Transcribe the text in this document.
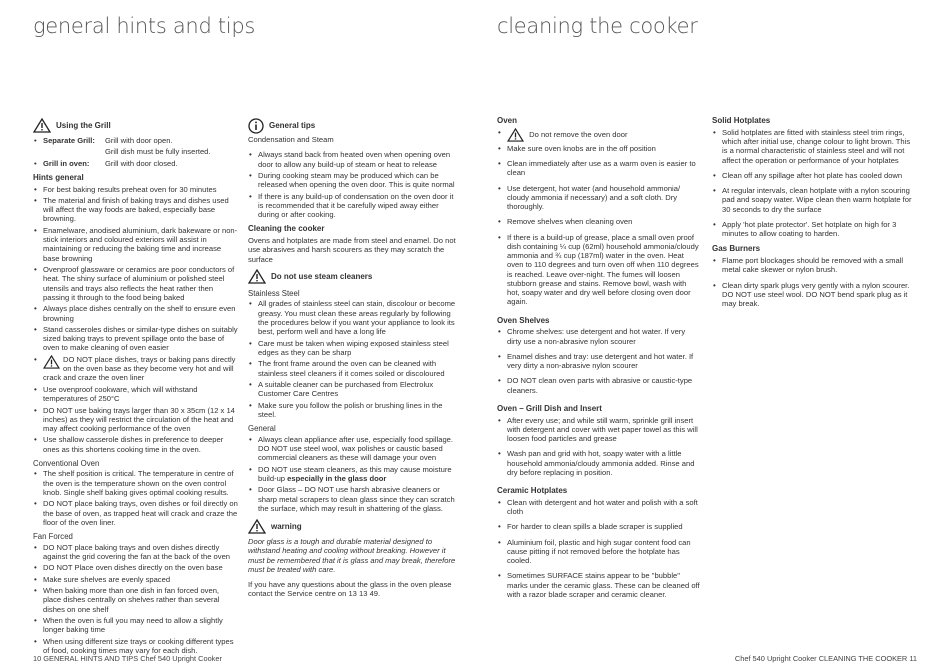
general hints and tips	cleaning the cooker
Using the Grill
• Separate Grill:	Grill with door open.
Grill dish must be fully inserted.
• Grill in oven:	Grill with door closed.
Hints general
• For best baking results preheat oven for 30 minutes
• The material and finish of baking trays and dishes used will affect the way foods are baked, especially base browning.
• Enamelware, anodised aluminium, dark bakeware or non-stick interiors and coloured exteriors will assist in maintaining or reducing the baking time and increase base browning
• Ovenproof glassware or ceramics are poor conductors of heat. The shiny surface of aluminium or polished steel utensils and trays also reflects the heat rather then passing it through to the food being baked
• Always place dishes centrally on the shelf to ensure even browning
• Stand casseroles dishes or similar-type dishes on suitably sized baking trays to prevent spillage onto the base of oven to make cleaning of oven easier
• DO NOT place dishes, trays or baking pans directly on the oven base as they become very hot and will crack and craze the oven liner
• Use ovenproof cookware, which will withstand temperatures of 250°C
• DO NOT use baking trays larger than 30 x 35cm (12 x 14 inches) as they will restrict the circulation of the heat and may affect cooking performance of the oven
• Use shallow casserole dishes in preference to deeper ones as this shortens cooking time in the oven.
Conventional Oven
• The shelf position is critical. The temperature in centre of the oven is the temperature shown on the oven control knob. Single shelf baking gives optimal cooking results.
• DO NOT place baking trays, oven dishes or foil directly on the base of oven, as trapped heat will crack and craze the floor of the oven liner.
Fan Forced
• DO NOT place baking trays and oven dishes directly against the grid covering the fan at the back of the oven
• DO NOT Place oven dishes directly on the oven base
• Make sure shelves are evenly spaced
• When baking more than one dish in fan forced oven, place dishes centrally on shelves rather than several dishes on one shelf
• When the oven is full you may need to allow a slightly longer baking time
• When using different size trays or cooking different types of food, cooking times may vary for each dish.
General tips
Condensation and Steam
• Always stand back from heated oven when opening oven door to allow any build-up of steam or heat to release
• During cooking steam may be produced which can be released when opening the oven door. This is quite normal
• If there is any build-up of condensation on the oven door it is recommended that it be carefully wiped away either during or after cooking.
Cleaning the cooker

Ovens and hotplates are made from steel and enamel. Do not use abrasives and harsh scourers as they may scratch the surface

Do not use steam cleaners
Stainless Steel
• All grades of stainless steel can stain, discolour or become greasy. You must clean these areas regularly by following the procedures below if you want your appliance to look its best, perform well and have a long life
• Care must be taken when wiping exposed stainless steel edges as they can be sharp
• The front frame around the oven can be cleaned with stainless steel cleaners if it comes soiled or discoloured
• A suitable cleaner can be purchased from Electrolux Customer Care Centres
• Make sure you follow the polish or brushing lines in the steel.
General
• Always clean appliance after use, especially food spillage. DO NOT use steel wool, wax polishes or caustic based commercial cleaners as these will damage your oven
• DO NOT use steam cleaners, as this may cause moisture build-up especially in the glass door
• Door Glass – DO NOT use harsh abrasive cleaners or sharp metal scrapers to clean glass since they can scratch the surface, which may result in shattering of the glass.
warning

Door glass is a tough and durable material designed to withstand heating and cooling without breaking. However it must be remembered that it is glass and may break, therefore must be treated with care.

If you have any questions about the glass in the oven please contact the Service centre on 13 13 49.

Oven
• Do not remove the oven door
• Make sure oven knobs are in the off position
• Clean immediately after use as a warm oven is easier to clean
• Use detergent, hot water (and household ammonia/ cloudy ammonia if necessary) and a soft cloth. Dry thoroughly.
• Remove shelves when cleaning oven
• If there is a build-up of grease, place a small oven proof dish containing ¼ cup (62ml) household ammonia/cloudy ammonia and ¾ cup (187ml) water in the oven. Heat oven to 110 degrees and turn oven off when 110 degrees is reached. Leave over-night. The fumes will loosen stubborn grease and stains. Remove bowl, wash with hot, soapy water and dry well before closing oven door again.
Oven Shelves
• Chrome shelves: use detergent and hot water. If very dirty use a non-abrasive nylon scourer
• Enamel dishes and tray: use detergent and hot water. If very dirty a non-abrasive nylon scourer
• DO NOT clean oven parts with abrasive or caustic-type cleaners.
Oven – Grill Dish and Insert
• After every use; and while still warm, sprinkle grill insert with detergent and cover with wet paper towel as this will loosen food particles and grease
• Wash pan and grid with hot, soapy water with a little household ammonia/cloudy ammonia added. Rinse and dry before replacing in position.
Ceramic Hotplates
• Clean with detergent and hot water and polish with a soft cloth
• For harder to clean spills a blade scraper is supplied
• Aluminium foil, plastic and high sugar content food can cause pitting if not removed before the hotplate has cooled.
• Sometimes SURFACE stains appear to be "bubble" marks under the ceramic glass. These can be cleaned off with a razor blade scraper and ceramic cleaner.
Solid Hotplates
• Solid hotplates are fitted with stainless steel trim rings, which after initial use, change colour to light brown. This is a normal characteristic of stainless steel and will not affect the operation or performance of your hotplates
• Clean off any spillage after hot plate has cooled down
• At regular intervals, clean hotplate with a nylon scouring pad and soapy water. Wipe clean then warm hotplate for 30 seconds to dry the surface
• Apply 'hot plate protector'. Set hotplate on high for 3 minutes to allow coating to harden.
Gas Burners
• Flame port blockages should be removed with a small metal cake skewer or nylon brush.
• Clean dirty spark plugs very gently with a nylon scourer. DO NOT use steel wool. DO NOT bend spark plug as it may break.
10 GENERAL HINTS AND TIPS Chef 540 Upright Cooker	Chef 540 Upright Cooker CLEANING THE COOKER 11
